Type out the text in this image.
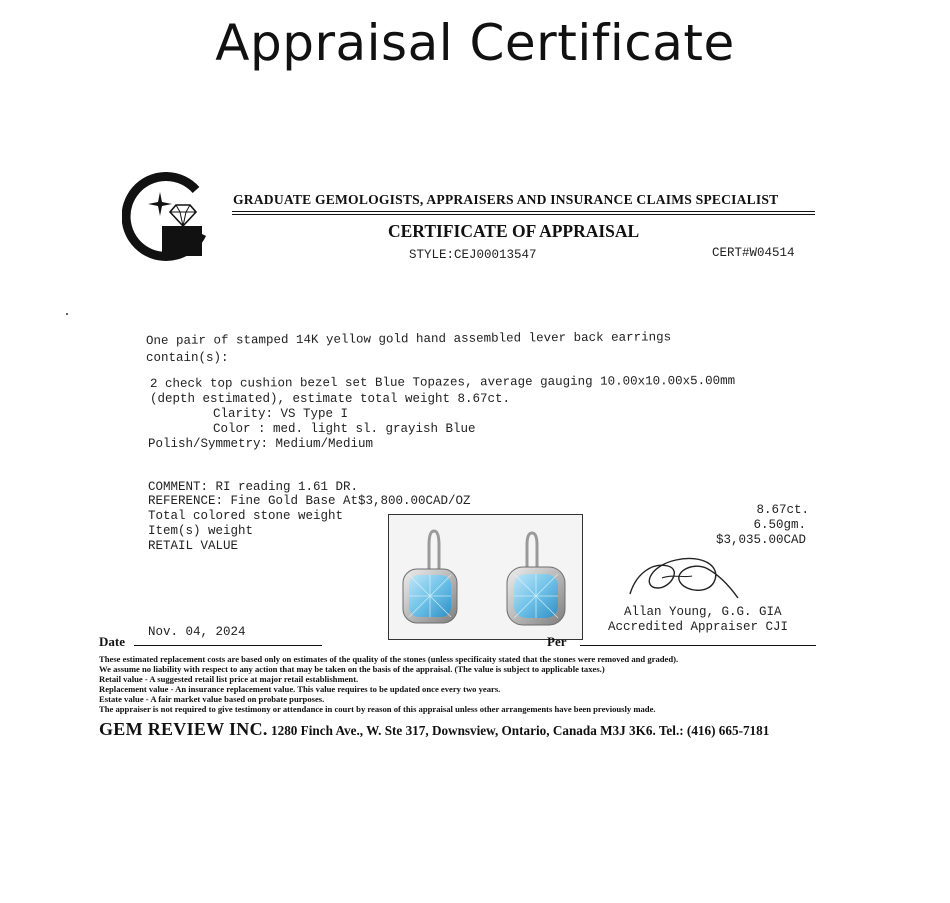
Appraisal Certificate
GRADUATE GEMOLOGISTS, APPRAISERS AND INSURANCE CLAIMS SPECIALIST
CERTIFICATE OF APPRAISAL
STYLE:CEJ00013547	CERT#W04514
One pair of stamped 14K yellow gold hand assembled lever back earrings
contain(s):
2 check top cushion bezel set Blue Topazes, average gauging 10.00x10.00x5.00mm
(depth estimated), estimate total weight 8.67ct.
Clarity: VS Type I
Color : med. light sl. grayish Blue
Polish/Symmetry: Medium/Medium
COMMENT: RI reading 1.61 DR.
REFERENCE: Fine Gold Base At$3,800.00CAD/OZ
Total colored stone weight
Item(s) weight
RETAIL VALUE
8.67ct.
6.50gm.
$3,035.00CAD
Allan Young, G.G. GIA
Accredited Appraiser CJI
Nov. 04, 2024
Date	Per
These estimated replacement costs are based only on estimates of the quality of the stones (unless specificaity stated that the stones were removed and graded).
We assume no liability with respect to any action that may be taken on the basis of the appraisal. (The value is subject to applicable taxes.)
Retail value - A suggested retail list price at major retail establishment.
Replacement value - An insurance replacement value. This value requires to be updated once every two years.
Estate value - A fair market value based on probate purposes.
The appraiser is not required to give testimony or attendance in court by reason of this appraisal unless other arrangements have been previously made.
GEM REVIEW INC. 1280 Finch Ave., W. Ste 317, Downsview, Ontario, Canada M3J 3K6. Tel.: (416) 665-7181
